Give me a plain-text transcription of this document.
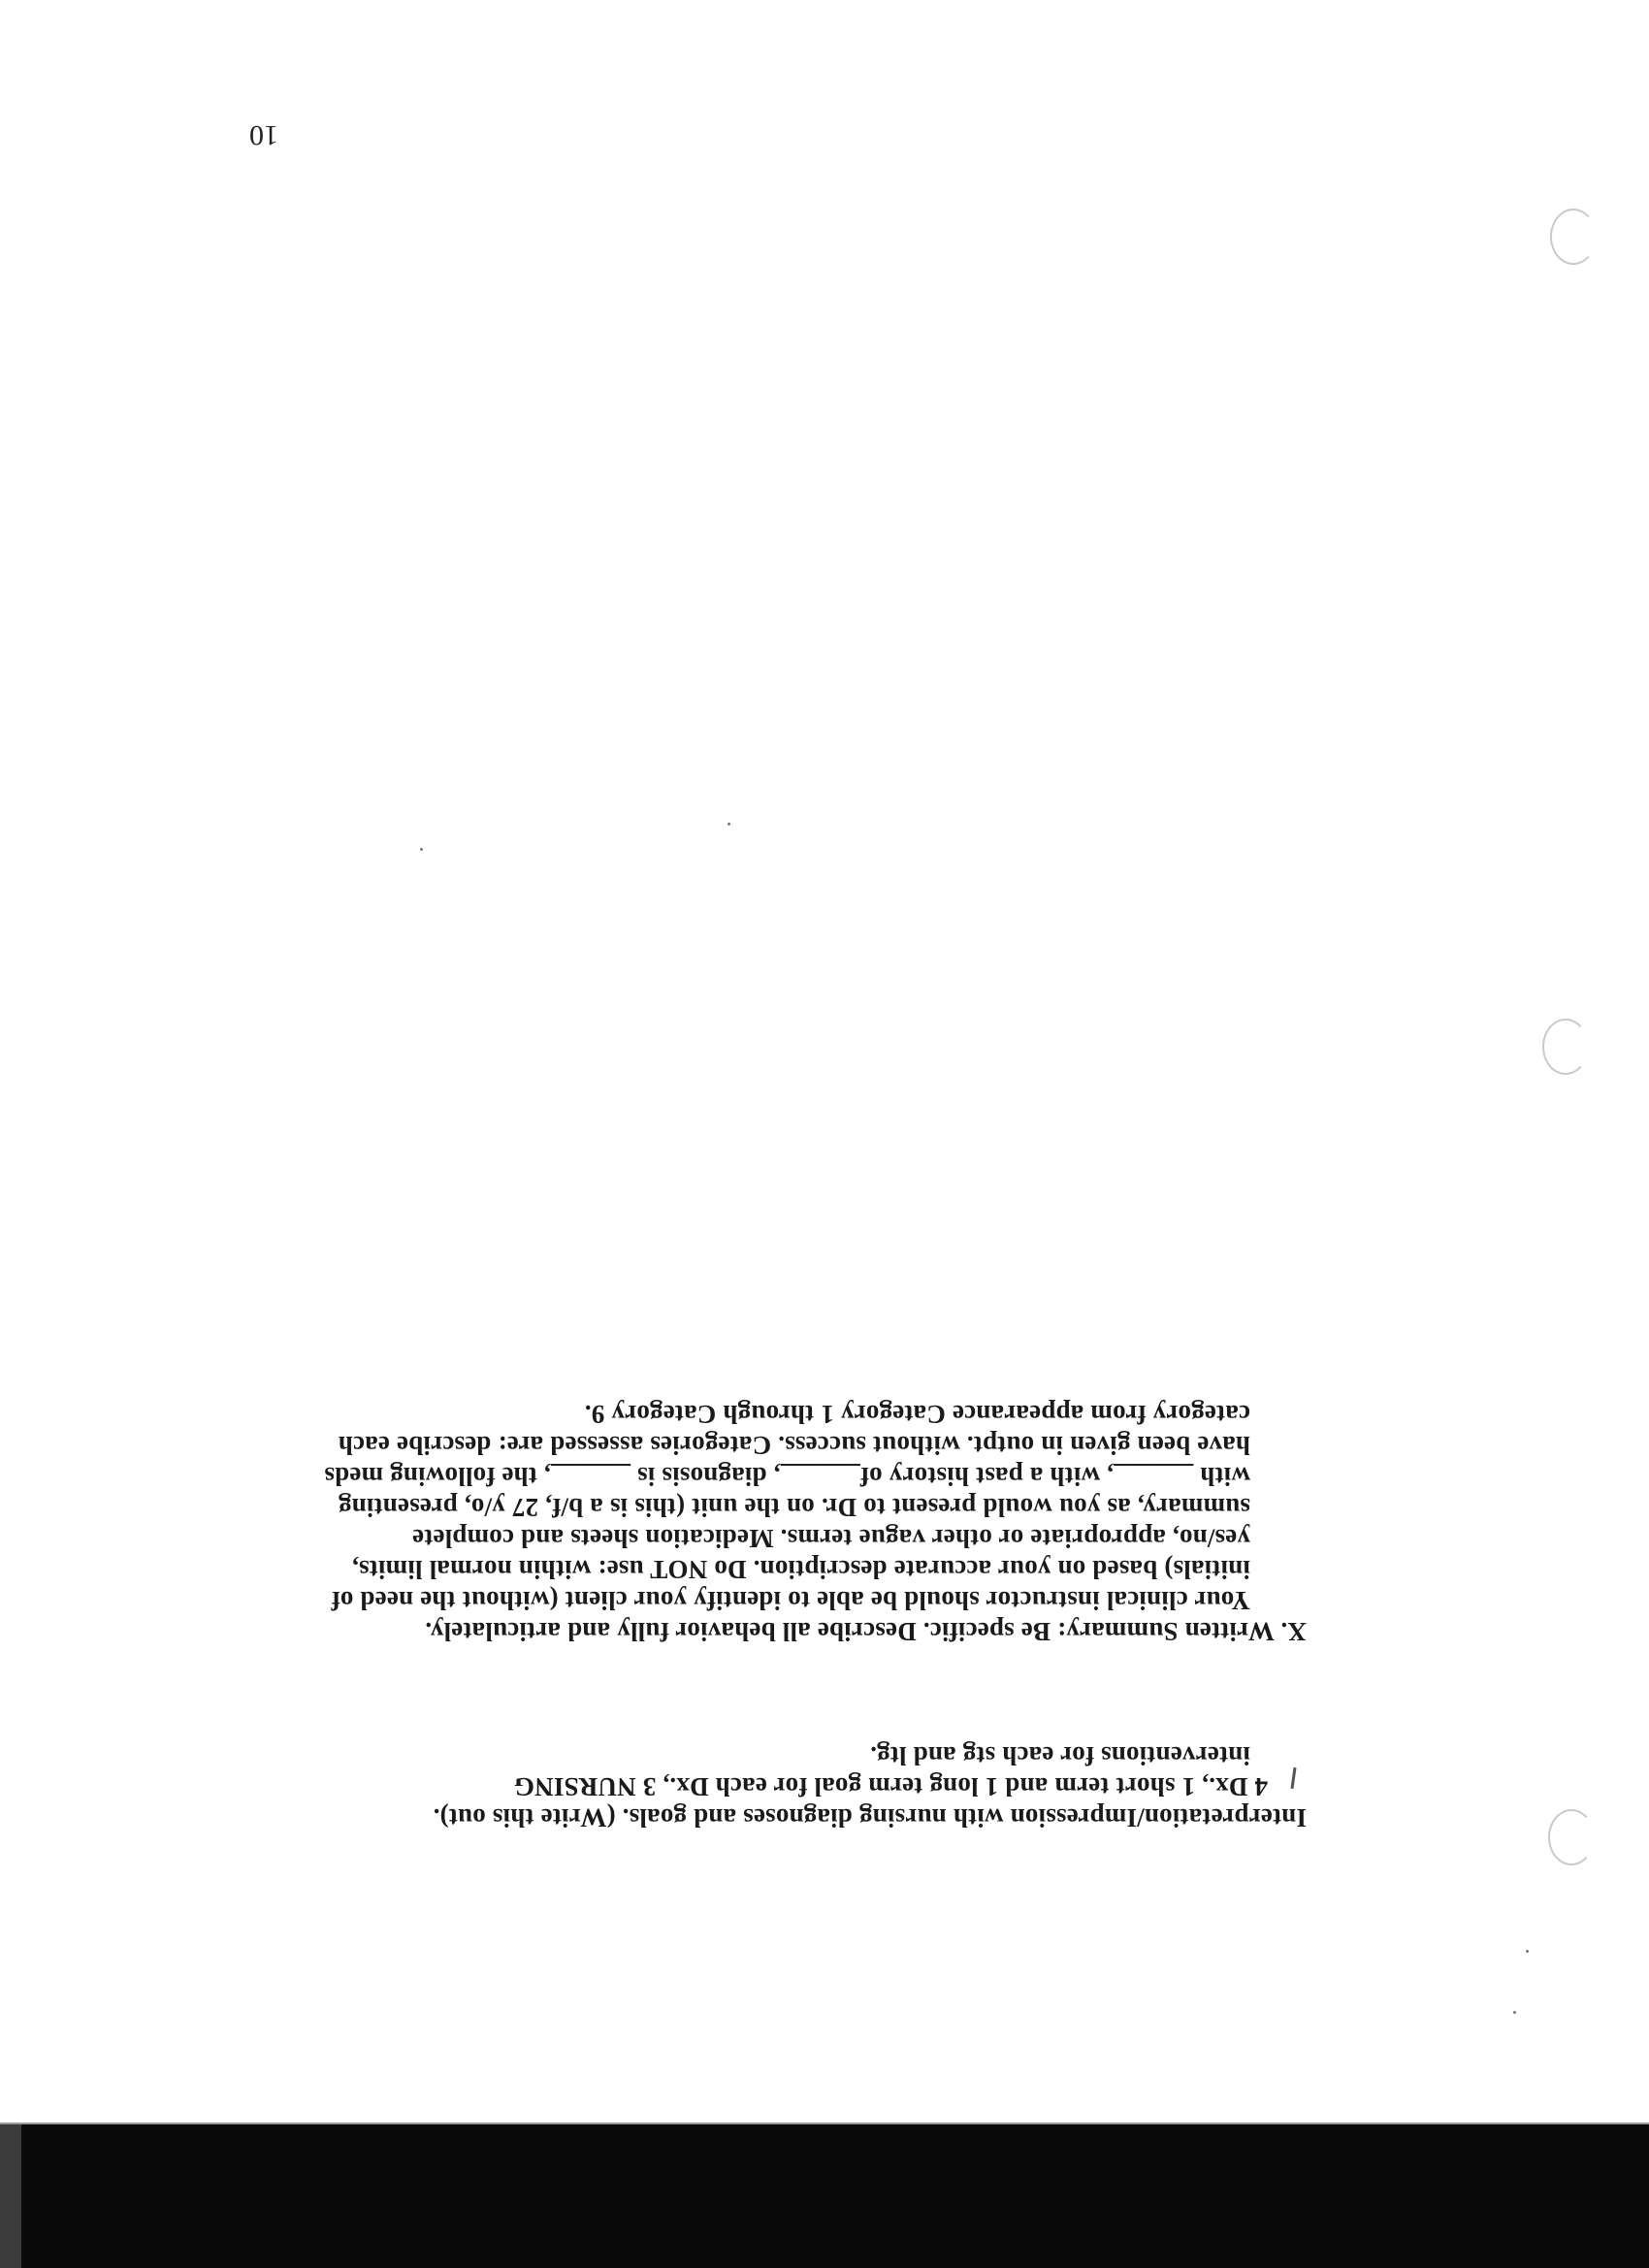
10
Interpretation/Impression with nursing diagnoses and goals. (Write this out).
4 Dx., 1 short term and 1 long term goal for each Dx., 3 NURSING
interventions for each stg and ltg.
X. Written Summary: Be specific. Describe all behavior fully and articulately.
Your clinical instructor should be able to identify your client (without the need of
initials) based on your accurate description. Do NOT use: within normal limits,
yes/no, appropriate or other vague terms. Medication sheets and complete
summary, as you would present to Dr. on the unit (this is a b/f, 27 y/o, presenting
with ______, with a past history of______, diagnosis is ______, the following meds
have been given in outpt. without success. Categories assessed are: describe each
category from appearance Category 1 through Category 9.
